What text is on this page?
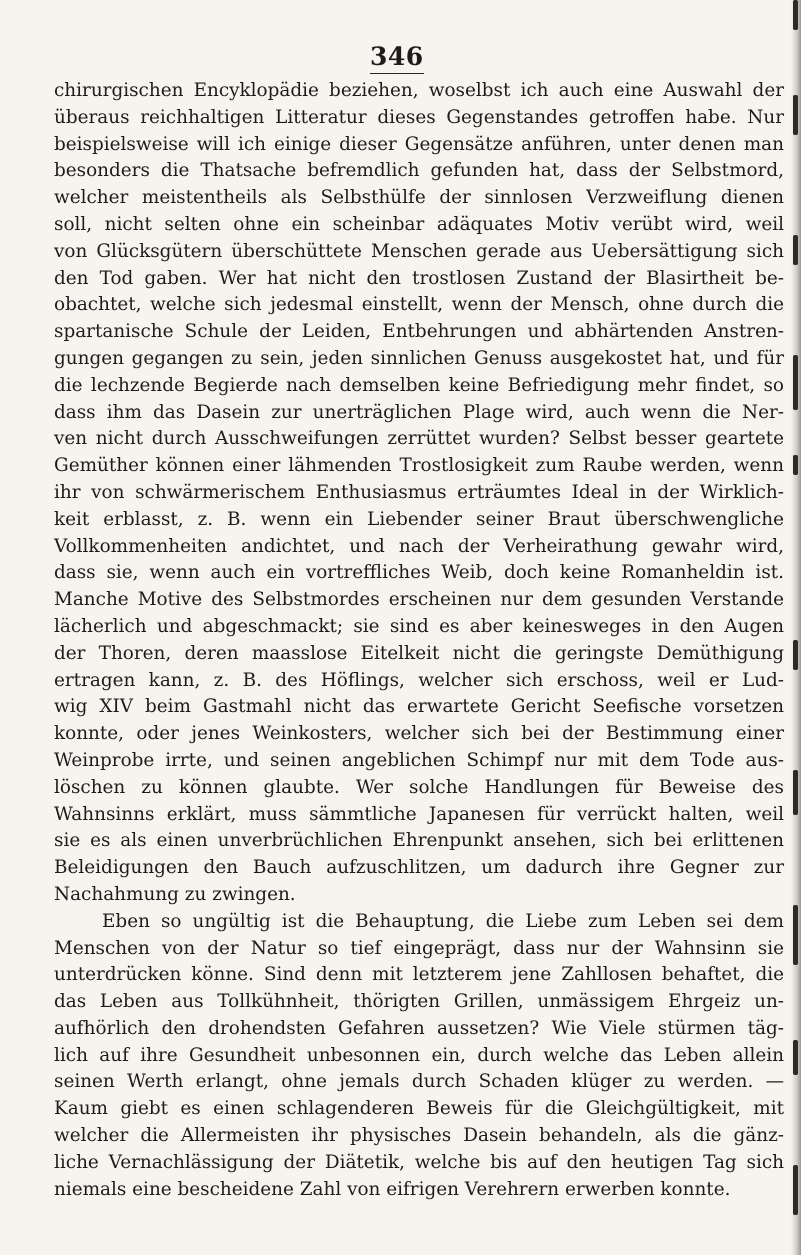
346
chirurgischen Encyklopädie beziehen, woselbst ich auch eine Auswahl der
überaus reichhaltigen Litteratur dieses Gegenstandes getroffen habe. Nur
beispielsweise will ich einige dieser Gegensätze anführen, unter denen man
besonders die Thatsache befremdlich gefunden hat, dass der Selbstmord,
welcher meistentheils als Selbsthülfe der sinnlosen Verzweiflung dienen
soll, nicht selten ohne ein scheinbar adäquates Motiv verübt wird, weil
von Glücksgütern überschüttete Menschen gerade aus Uebersättigung sich
den Tod gaben. Wer hat nicht den trostlosen Zustand der Blasirtheit be-
obachtet, welche sich jedesmal einstellt, wenn der Mensch, ohne durch die
spartanische Schule der Leiden, Entbehrungen und abhärtenden Anstren-
gungen gegangen zu sein, jeden sinnlichen Genuss ausgekostet hat, und für
die lechzende Begierde nach demselben keine Befriedigung mehr findet, so
dass ihm das Dasein zur unerträglichen Plage wird, auch wenn die Ner-
ven nicht durch Ausschweifungen zerrüttet wurden? Selbst besser geartete
Gemüther können einer lähmenden Trostlosigkeit zum Raube werden, wenn
ihr von schwärmerischem Enthusiasmus erträumtes Ideal in der Wirklich-
keit erblasst, z. B. wenn ein Liebender seiner Braut überschwengliche
Vollkommenheiten andichtet, und nach der Verheirathung gewahr wird,
dass sie, wenn auch ein vortreffliches Weib, doch keine Romanheldin ist.
Manche Motive des Selbstmordes erscheinen nur dem gesunden Verstande
lächerlich und abgeschmackt; sie sind es aber keinesweges in den Augen
der Thoren, deren maasslose Eitelkeit nicht die geringste Demüthigung
ertragen kann, z. B. des Höflings, welcher sich erschoss, weil er Lud-
wig XIV beim Gastmahl nicht das erwartete Gericht Seefische vorsetzen
konnte, oder jenes Weinkosters, welcher sich bei der Bestimmung einer
Weinprobe irrte, und seinen angeblichen Schimpf nur mit dem Tode aus-
löschen zu können glaubte. Wer solche Handlungen für Beweise des
Wahnsinns erklärt, muss sämmtliche Japanesen für verrückt halten, weil
sie es als einen unverbrüchlichen Ehrenpunkt ansehen, sich bei erlittenen
Beleidigungen den Bauch aufzuschlitzen, um dadurch ihre Gegner zur
Nachahmung zu zwingen.
Eben so ungültig ist die Behauptung, die Liebe zum Leben sei dem
Menschen von der Natur so tief eingeprägt, dass nur der Wahnsinn sie
unterdrücken könne. Sind denn mit letzterem jene Zahllosen behaftet, die
das Leben aus Tollkühnheit, thörigten Grillen, unmässigem Ehrgeiz un-
aufhörlich den drohendsten Gefahren aussetzen? Wie Viele stürmen täg-
lich auf ihre Gesundheit unbesonnen ein, durch welche das Leben allein
seinen Werth erlangt, ohne jemals durch Schaden klüger zu werden. —
Kaum giebt es einen schlagenderen Beweis für die Gleichgültigkeit, mit
welcher die Allermeisten ihr physisches Dasein behandeln, als die gänz-
liche Vernachlässigung der Diätetik, welche bis auf den heutigen Tag sich
niemals eine bescheidene Zahl von eifrigen Verehrern erwerben konnte.
